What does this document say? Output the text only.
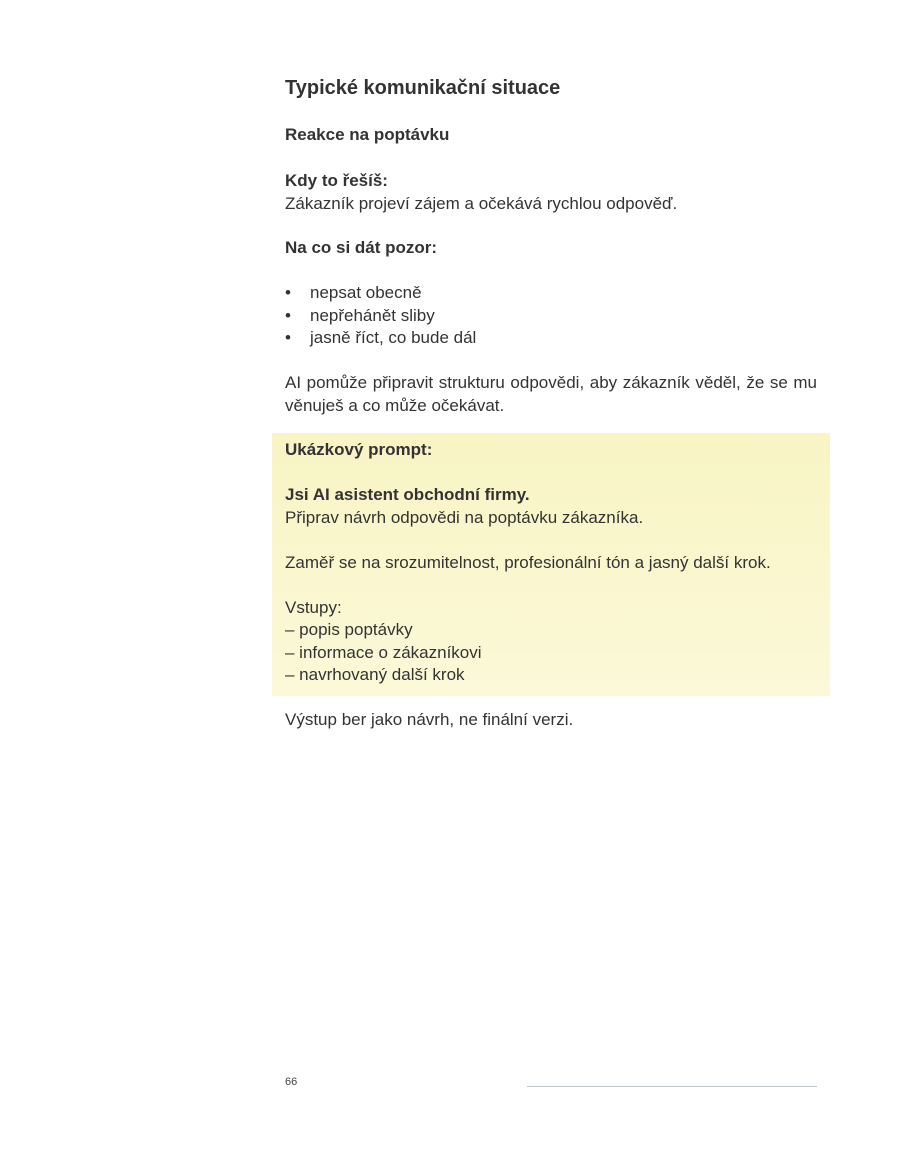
Typické komunikační situace
Reakce na poptávku
Kdy to řešíš:
Zákazník projeví zájem a očekává rychlou odpověď.
Na co si dát pozor:
• nepsat obecně
• nepřehánět sliby
• jasně říct, co bude dál
AI pomůže připravit strukturu odpovědi, aby zákazník věděl, že se mu věnuješ a co může očekávat.

Ukázkový prompt:

Jsi AI asistent obchodní firmy.

Připrav návrh odpovědi na poptávku zákazníka.

Zaměř se na srozumitelnost, profesionální tón a jasný další krok.

Vstupy:

– popis poptávky

– informace o zákazníkovi

– navrhovaný další krok

Výstup ber jako návrh, ne finální verzi.
66
